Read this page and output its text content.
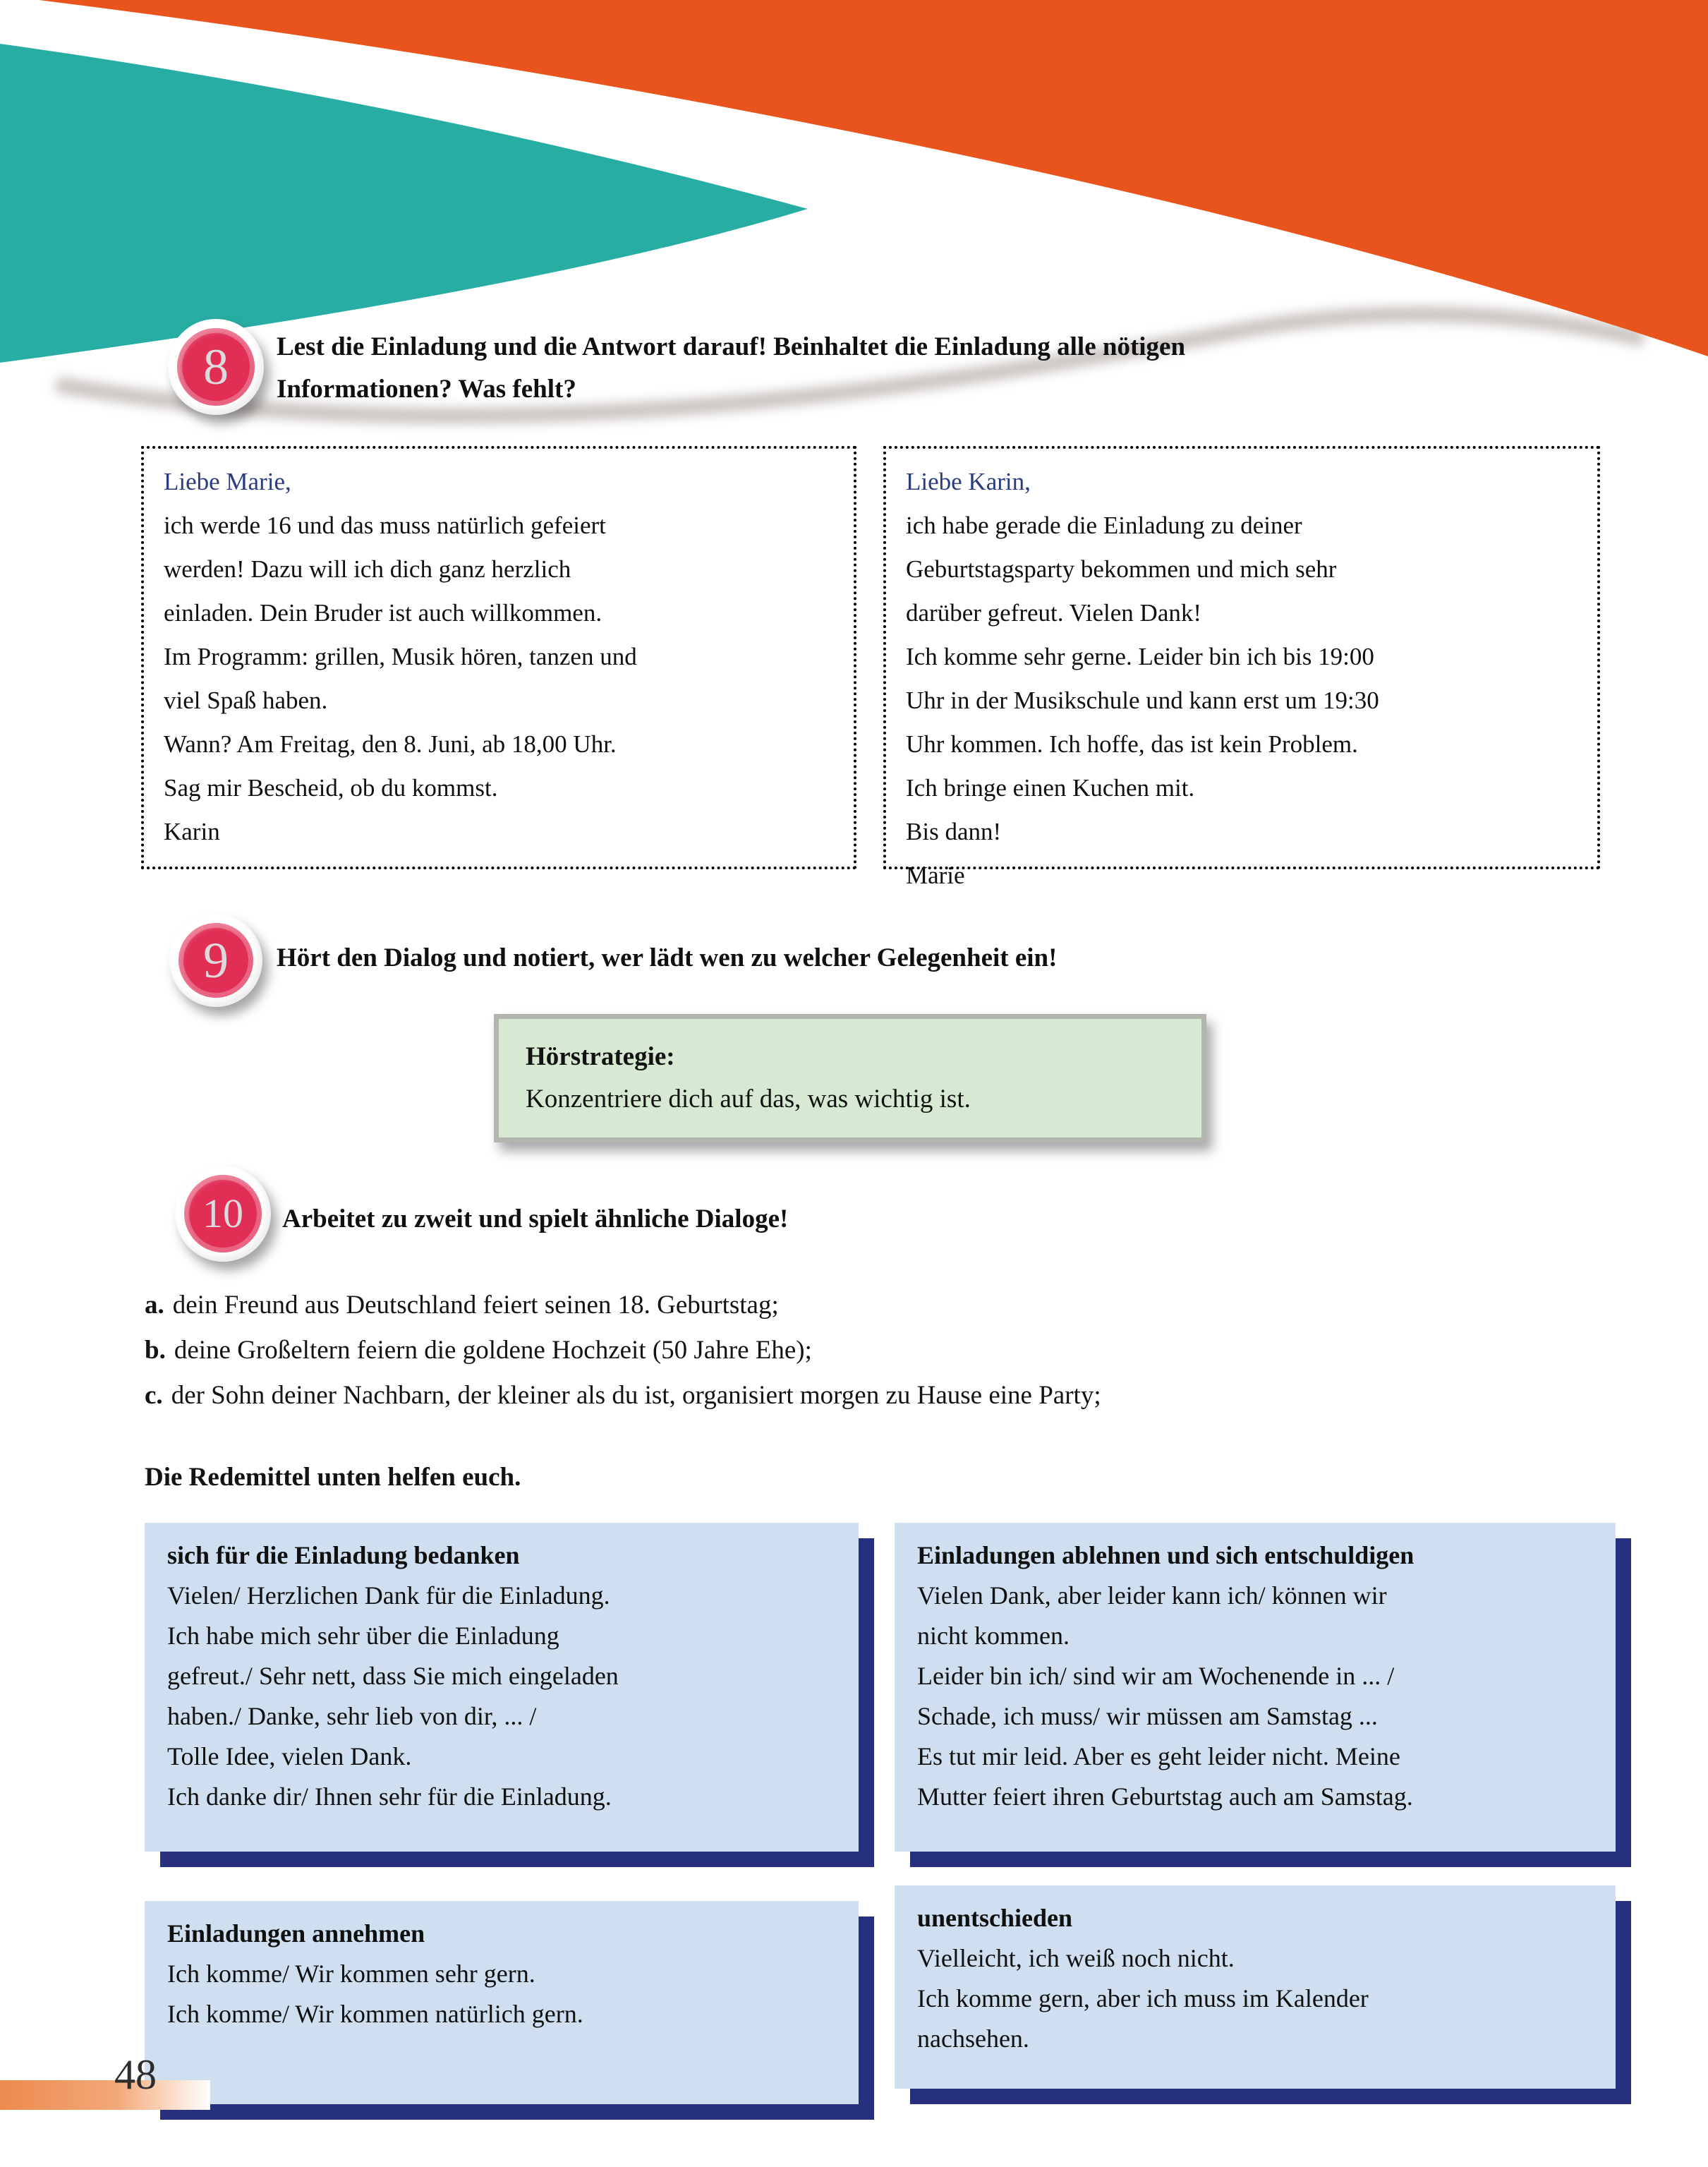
8 Lest die Einladung und die Antwort darauf! Beinhaltet die Einladung alle nötigen
Informationen? Was fehlt?
Liebe Marie,
ich werde 16 und das muss natürlich gefeiert
werden! Dazu will ich dich ganz herzlich
einladen. Dein Bruder ist auch willkommen.
Im Programm: grillen, Musik hören, tanzen und
viel Spaß haben.
Wann? Am Freitag, den 8. Juni, ab 18,00 Uhr.
Sag mir Bescheid, ob du kommst.
Karin
Liebe Karin,
ich habe gerade die Einladung zu deiner
Geburtstagsparty bekommen und mich sehr
darüber gefreut. Vielen Dank!
Ich komme sehr gerne. Leider bin ich bis 19:00
Uhr in der Musikschule und kann erst um 19:30
Uhr kommen. Ich hoffe, das ist kein Problem.
Ich bringe einen Kuchen mit.
Bis dann!
Marie
9 Hört den Dialog und notiert, wer lädt wen zu welcher Gelegenheit ein!
Hörstrategie:
Konzentriere dich auf das, was wichtig ist.
10 Arbeitet zu zweit und spielt ähnliche Dialoge!
a. dein Freund aus Deutschland feiert seinen 18. Geburtstag;
b. deine Großeltern feiern die goldene Hochzeit (50 Jahre Ehe);
c. der Sohn deiner Nachbarn, der kleiner als du ist, organisiert morgen zu Hause eine Party;
Die Redemittel unten helfen euch.
sich für die Einladung bedanken
Vielen/ Herzlichen Dank für die Einladung.
Ich habe mich sehr über die Einladung
gefreut./ Sehr nett, dass Sie mich eingeladen
haben./ Danke, sehr lieb von dir, ... /
Tolle Idee, vielen Dank.
Ich danke dir/ Ihnen sehr für die Einladung.
Einladungen ablehnen und sich entschuldigen
Vielen Dank, aber leider kann ich/ können wir
nicht kommen.
Leider bin ich/ sind wir am Wochenende in ... /
Schade, ich muss/ wir müssen am Samstag ...
Es tut mir leid. Aber es geht leider nicht. Meine
Mutter feiert ihren Geburtstag auch am Samstag.
Einladungen annehmen
Ich komme/ Wir kommen sehr gern.
Ich komme/ Wir kommen natürlich gern.
unentschieden
Vielleicht, ich weiß noch nicht.
Ich komme gern, aber ich muss im Kalender
nachsehen.
48
